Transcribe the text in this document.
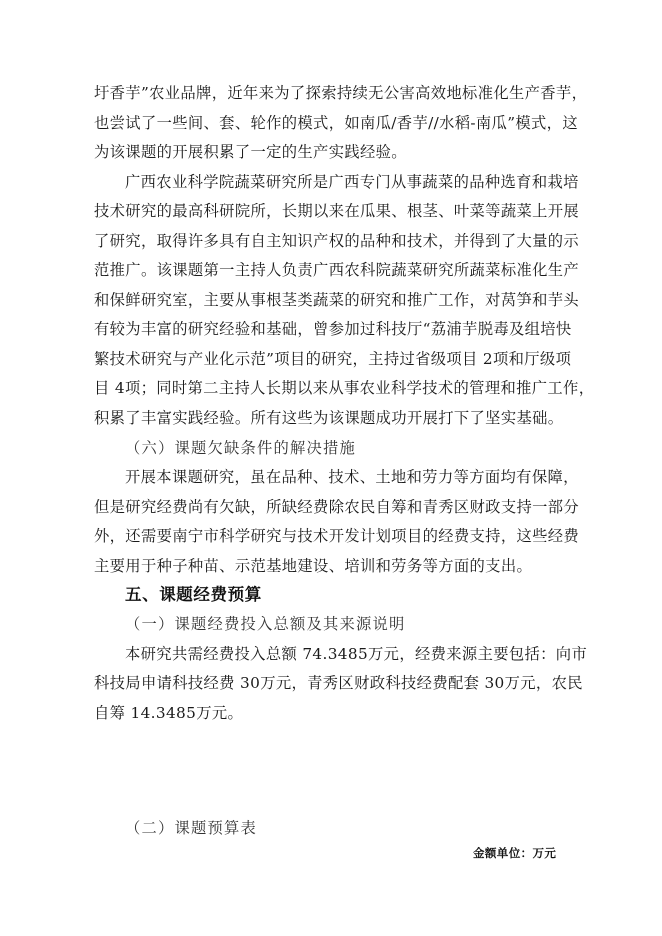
圩香芋”农业品牌，近年来为了探索持续无公害高效地标准化生产香芋，
也尝试了一些间、套、轮作的模式，如南瓜/香芋//水稻-南瓜”模式，这
为该课题的开展积累了一定的生产实践经验。
广西农业科学院蔬菜研究所是广西专门从事蔬菜的品种选育和栽培
技术研究的最高科研院所，长期以来在瓜果、根茎、叶菜等蔬菜上开展
了研究，取得许多具有自主知识产权的品种和技术，并得到了大量的示
范推广。该课题第一主持人负责广西农科院蔬菜研究所蔬菜标准化生产
和保鲜研究室，主要从事根茎类蔬菜的研究和推广工作，对莴笋和芋头
有较为丰富的研究经验和基础，曾参加过科技厅“荔浦芋脱毒及组培快
繁技术研究与产业化示范”项目的研究，主持过省级项目 2项和厅级项
目 4项；同时第二主持人长期以来从事农业科学技术的管理和推广工作，
积累了丰富实践经验。所有这些为该课题成功开展打下了坚实基础。
（六）课题欠缺条件的解决措施
开展本课题研究，虽在品种、技术、土地和劳力等方面均有保障，
但是研究经费尚有欠缺，所缺经费除农民自筹和青秀区财政支持一部分
外，还需要南宁市科学研究与技术开发计划项目的经费支持，这些经费
主要用于种子种苗、示范基地建设、培训和劳务等方面的支出。
五、课题经费预算
（一）课题经费投入总额及其来源说明
本研究共需经费投入总额 74.3485万元，经费来源主要包括：向市
科技局申请科技经费 30万元，青秀区财政科技经费配套 30万元，农民
自筹 14.3485万元。
（二）课题预算表
金额单位：万元
